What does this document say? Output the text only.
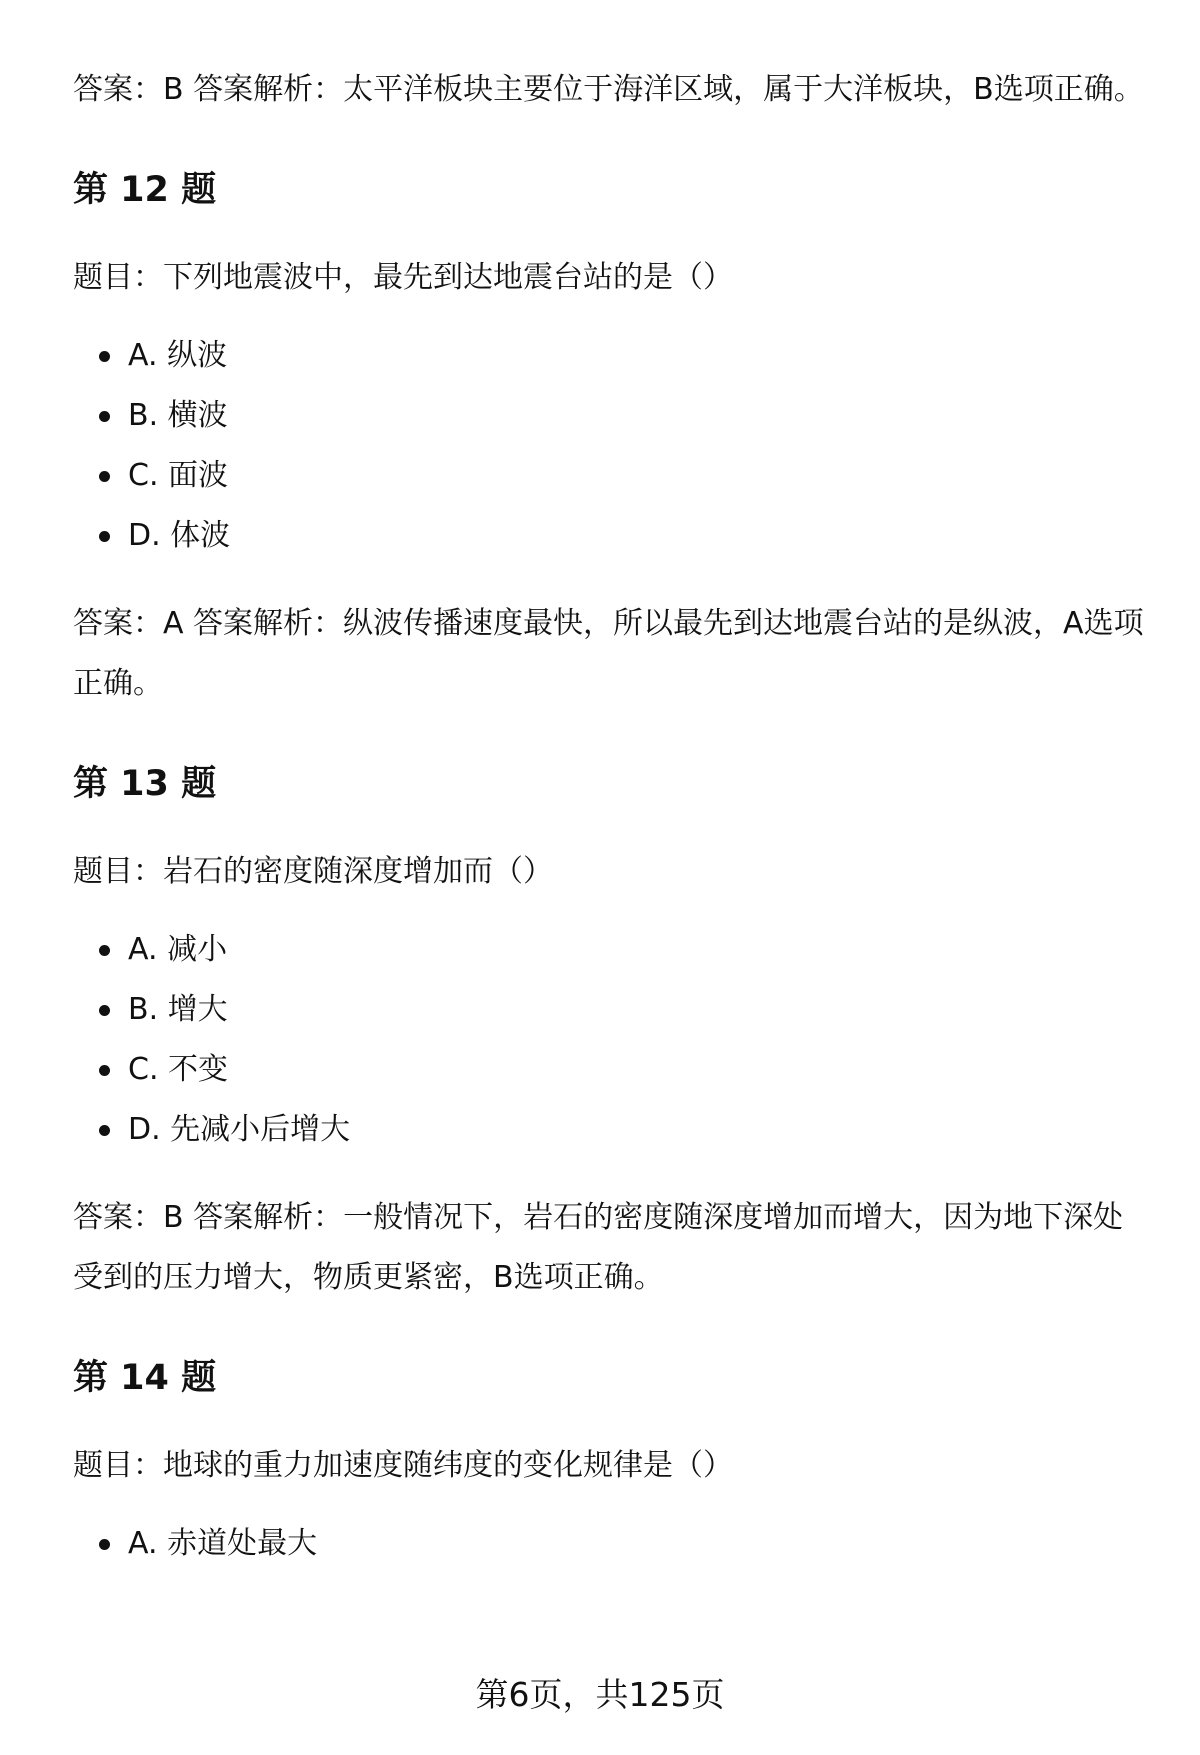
答案：B 答案解析：太平洋板块主要位于海洋区域，属于大洋板块，B选项正确。

第 12 题

题目：下列地震波中，最先到达地震台站的是（）

A. 纵波
B. 横波
C. 面波
D. 体波

答案：A 答案解析：纵波传播速度最快，所以最先到达地震台站的是纵波，A选项正确。

第 13 题

题目：岩石的密度随深度增加而（）

A. 减小
B. 增大
C. 不变
D. 先减小后增大

答案：B 答案解析：一般情况下，岩石的密度随深度增加而增大，因为地下深处受到的压力增大，物质更紧密，B选项正确。

第 14 题

题目：地球的重力加速度随纬度的变化规律是（）

A. 赤道处最大
第6页，共125页
